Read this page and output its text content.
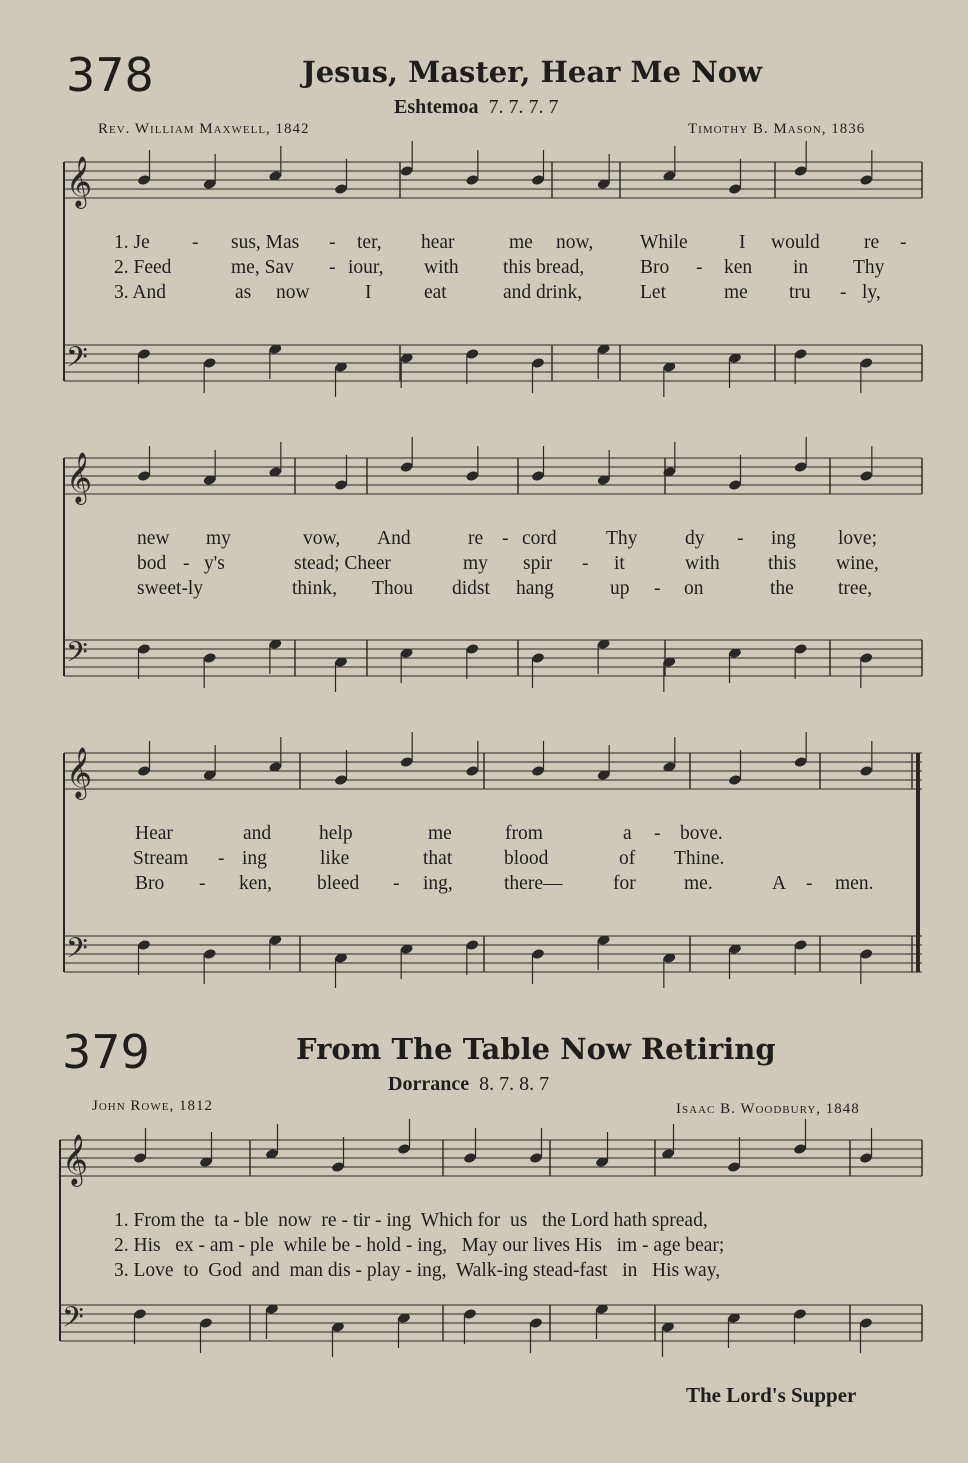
𝄞
𝄢
𝄞
𝄢
𝄞
𝄢
𝄞
𝄢
378	Jesus, Master, Hear Me Now
Eshtemoa 7. 7. 7. 7
Rev. William Maxwell, 1842	Timothy B. Mason, 1836
1. Je - sus, Mas - ter, hear	me now, While	I would re -
2. Feed	me, Sav - iour, with this bread,	Bro - ken in Thy
3. And	as now	I	eat	and drink,	Let	me tru - ly,
new my	vow, And	re - cord	Thy dy - ing love;
bod - y's	stead; Cheer	my spir - it	with this wine,
sweet-ly	think, Thou didst hang	up - on	the tree,
Hear	and help	me	from	a - bove.
Stream - ing	like	that	blood	of Thine.
Bro - ken, bleed - ing,	there—	for me.	A - men.
379	From The Table Now Retiring
Dorrance 8. 7. 8. 7
John Rowe, 1812	Isaac B. Woodbury, 1848
1. From the  ta - ble  now  re - tir - ing  Which for  us   the Lord hath spread,
2. His   ex - am - ple  while be - hold - ing,   May our lives His   im - age bear;
3. Love  to  God  and  man dis - play - ing,  Walk-ing stead-fast   in   His way,
The Lord's Supper
